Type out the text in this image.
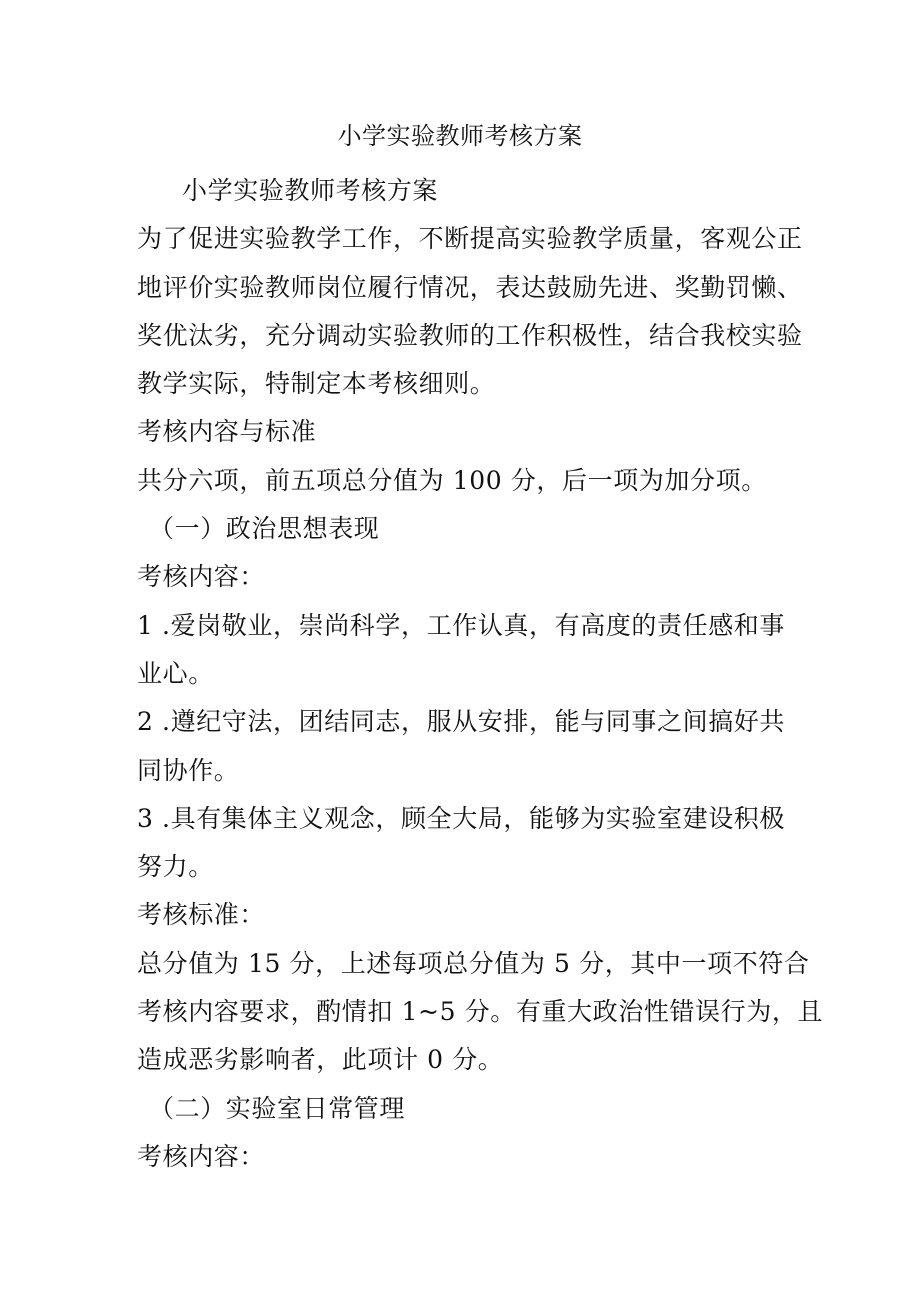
小学实验教师考核方案
小学实验教师考核方案
为了促进实验教学工作，不断提高实验教学质量，客观公正
地评价实验教师岗位履行情况，表达鼓励先进、奖勤罚懒、
奖优汰劣，充分调动实验教师的工作积极性，结合我校实验
教学实际，特制定本考核细则。
考核内容与标准
共分六项，前五项总分值为 100 分，后一项为加分项。
（一）政治思想表现
考核内容：
1 .爱岗敬业，崇尚科学，工作认真，有高度的责任感和事
业心。
2 .遵纪守法，团结同志，服从安排，能与同事之间搞好共
同协作。
3 .具有集体主义观念，顾全大局，能够为实验室建设积极
努力。
考核标准：
总分值为 15 分，上述每项总分值为 5 分，其中一项不符合
考核内容要求，酌情扣 1~5 分。有重大政治性错误行为，且
造成恶劣影响者，此项计 0 分。
（二）实验室日常管理
考核内容：
